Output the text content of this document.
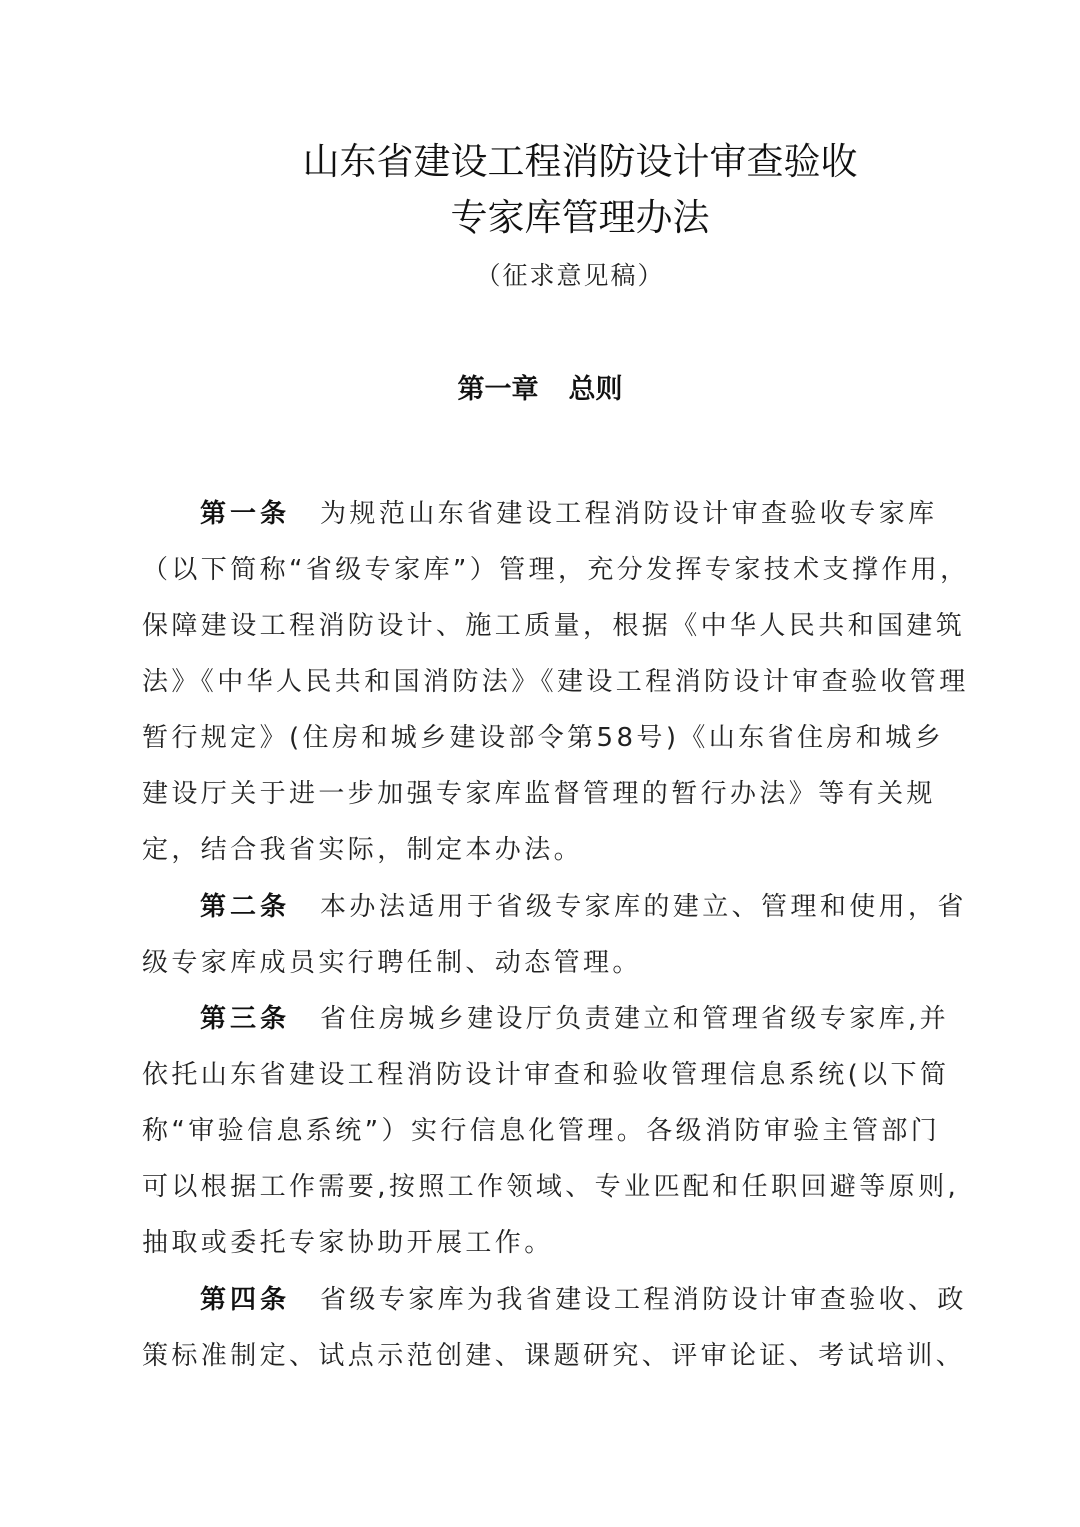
山东省建设工程消防设计审查验收
专家库管理办法
（征求意见稿）
第一章 总则
第一条 为规范山东省建设工程消防设计审查验收专家库
（以下简称“省级专家库”）管理，充分发挥专家技术支撑作用，
保障建设工程消防设计、施工质量，根据《中华人民共和国建筑
法》《中华人民共和国消防法》《建设工程消防设计审查验收管理
暂行规定》(住房和城乡建设部令第58号)《山东省住房和城乡
建设厅关于进一步加强专家库监督管理的暂行办法》等有关规
定，结合我省实际，制定本办法。
第二条 本办法适用于省级专家库的建立、管理和使用，省
级专家库成员实行聘任制、动态管理。
第三条 省住房城乡建设厅负责建立和管理省级专家库,并
依托山东省建设工程消防设计审查和验收管理信息系统(以下简
称“审验信息系统”）实行信息化管理。各级消防审验主管部门
可以根据工作需要,按照工作领域、专业匹配和任职回避等原则,
抽取或委托专家协助开展工作。
第四条 省级专家库为我省建设工程消防设计审查验收、政
策标准制定、试点示范创建、课题研究、评审论证、考试培训、
